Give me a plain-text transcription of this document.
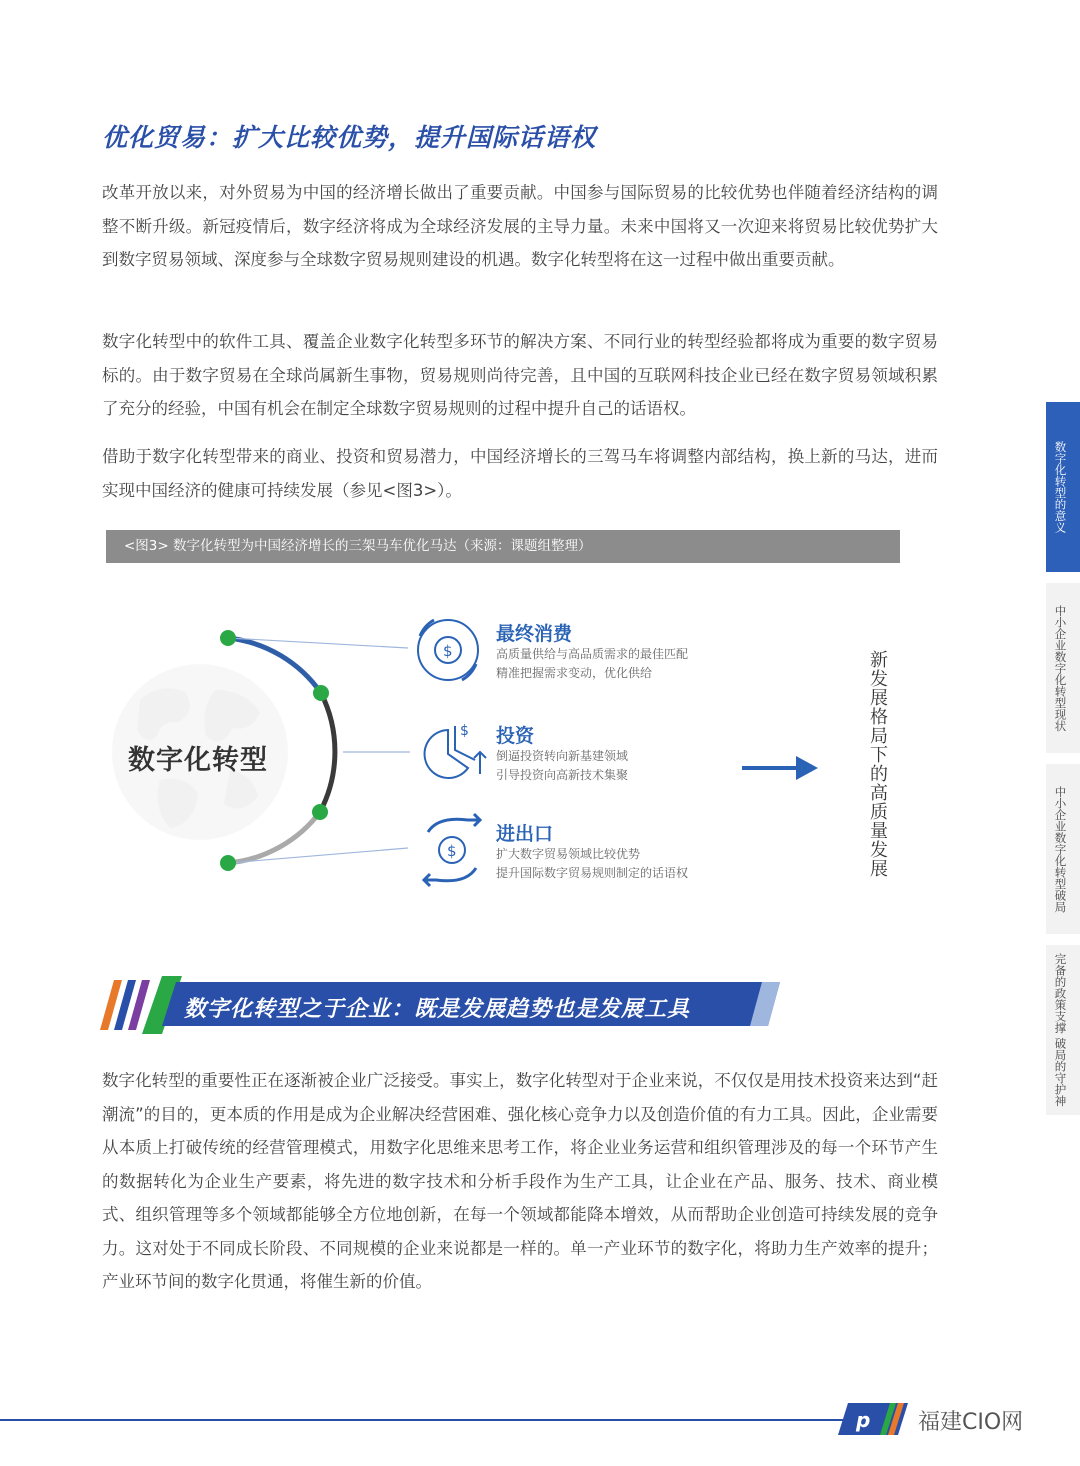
优化贸易：扩大比较优势，提升国际话语权

改革开放以来，对外贸易为中国的经济增长做出了重要贡献。中国参与国际贸易的比较优势也伴随着经济结构的调整不断升级。新冠疫情后，数字经济将成为全球经济发展的主导力量。未来中国将又一次迎来将贸易比较优势扩大到数字贸易领域、深度参与全球数字贸易规则建设的机遇。数字化转型将在这一过程中做出重要贡献。

数字化转型中的软件工具、覆盖企业数字化转型多环节的解决方案、不同行业的转型经验都将成为重要的数字贸易标的。由于数字贸易在全球尚属新生事物，贸易规则尚待完善，且中国的互联网科技企业已经在数字贸易领域积累了充分的经验，中国有机会在制定全球数字贸易规则的过程中提升自己的话语权。

借助于数字化转型带来的商业、投资和贸易潜力，中国经济增长的三驾马车将调整内部结构，换上新的马达，进而实现中国经济的健康可持续发展（参见<图3>）。

<图3> 数字化转型为中国经济增长的三架马车优化马达（来源：课题组整理）
$
$
$
数字化转型
最终消费
高质量供给与高品质需求的最佳匹配
精准把握需求变动，优化供给
投资
倒逼投资转向新基建领域
引导投资向高新技术集聚
进出口
扩大数字贸易领域比较优势
提升国际数字贸易规则制定的话语权	新发展格局下的高质量发展
数字化转型之于企业：既是发展趋势也是发展工具

数字化转型的重要性正在逐渐被企业广泛接受。事实上，数字化转型对于企业来说，不仅仅是用技术投资来达到“赶潮流”的目的，更本质的作用是成为企业解决经营困难、强化核心竞争力以及创造价值的有力工具。因此，企业需要从本质上打破传统的经营管理模式，用数字化思维来思考工作，将企业业务运营和组织管理涉及的每一个环节产生的数据转化为企业生产要素，将先进的数字技术和分析手段作为生产工具，让企业在产品、服务、技术、商业模式、组织管理等多个领域都能够全方位地创新，在每一个领域都能降本增效，从而帮助企业创造可持续发展的竞争力。这对处于不同成长阶段、不同规模的企业来说都是一样的。单一产业环节的数字化，将助力生产效率的提升；产业环节间的数字化贯通，将催生新的价值。

数字化转型的意义
中小企业数字化转型现状
中小企业数字化转型破局
完备的政策支撑 破局的守护神
p 福建CIO网
